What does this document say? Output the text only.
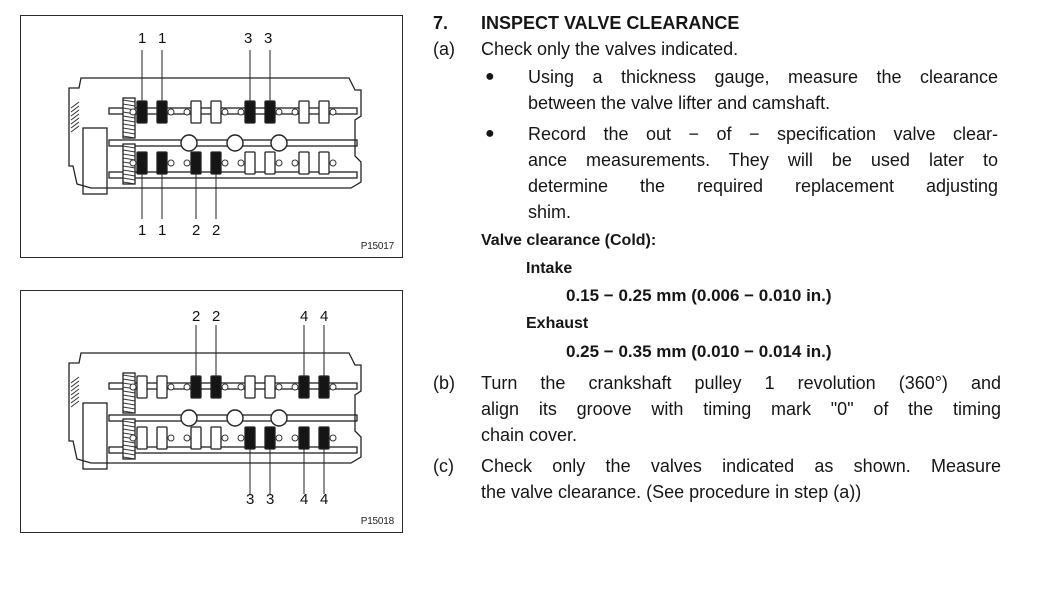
1 1	3 3
1 1 2 2
P15017
2 2	4 4
3 3 4 4
P15018
7. INSPECT VALVE CLEARANCE
(a) Check only the valves indicated.
● Using a thickness gauge, measure the clearance
between the valve lifter and camshaft.
● Record the out − of − specification valve clear-
ance measurements. They will be used later to
determine the required replacement adjusting
shim.
Valve clearance (Cold):
Intake
0.15 − 0.25 mm (0.006 − 0.010 in.)
Exhaust
0.25 − 0.35 mm (0.010 − 0.014 in.)
(b) Turn the crankshaft pulley 1 revolution (360°) and
align its groove with timing mark "0" of the timing
chain cover.
(c) Check only the valves indicated as shown. Measure
the valve clearance. (See procedure in step (a))
